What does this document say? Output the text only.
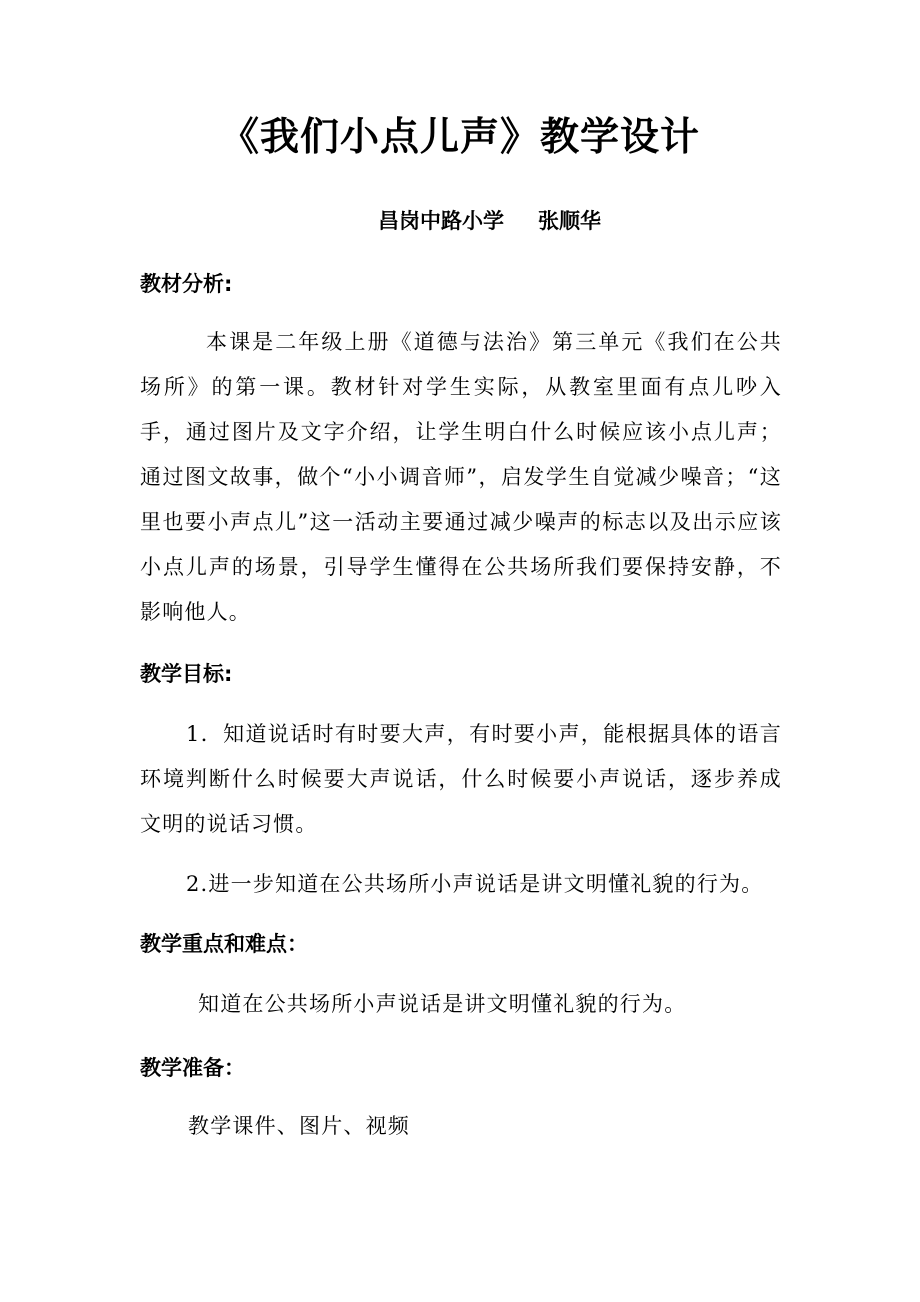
《我们小点儿声》教学设计
昌岗中路小学 张顺华
教材分析:

本课是二年级上册《道德与法治》第三单元《我们在公共场所》的第一课。教材针对学生实际，从教室里面有点儿吵入手，通过图片及文字介绍，让学生明白什么时候应该小点儿声；通过图文故事，做个“小小调音师”，启发学生自觉减少噪音；“这里也要小声点儿”这一活动主要通过减少噪声的标志以及出示应该小点儿声的场景，引导学生懂得在公共场所我们要保持安静，不影响他人。

教学目标:

1．知道说话时有时要大声，有时要小声，能根据具体的语言环境判断什么时候要大声说话，什么时候要小声说话，逐步养成文明的说话习惯。

2.进一步知道在公共场所小声说话是讲文明懂礼貌的行为。

教学重点和难点：

知道在公共场所小声说话是讲文明懂礼貌的行为。

教学准备：

教学课件、图片、视频
